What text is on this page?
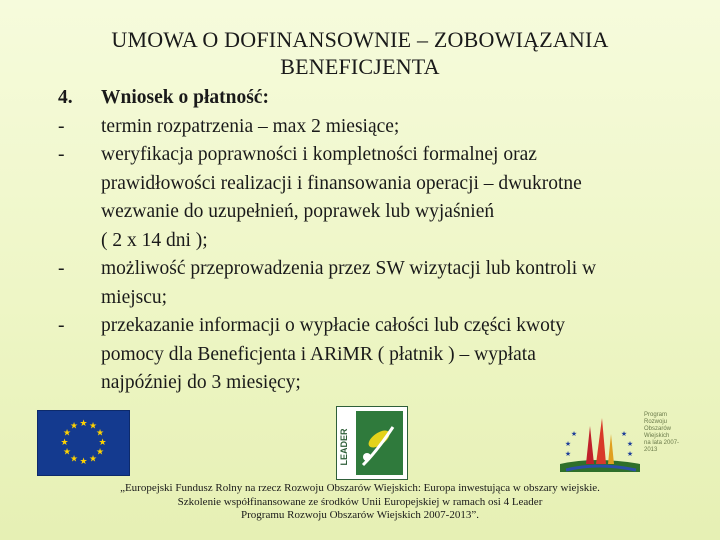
UMOWA O DOFINANSOWNIE – ZOBOWIĄZANIA
BENEFICJENTA
4.	Wniosek o płatność:
-	termin rozpatrzenia – max 2 miesiące;
-	weryfikacja poprawności i kompletności formalnej oraz
prawidłowości realizacji i finansowania operacji – dwukrotne
wezwanie do uzupełnień, poprawek lub wyjaśnień
( 2 x 14 dni );
-	możliwość przeprowadzenia przez SW wizytacji lub kontroli w
miejscu;
-	przekazanie informacji o wypłacie całości lub części kwoty
pomocy dla Beneficjenta i ARiMR ( płatnik ) – wypłata
najpóźniej do 3 miesięcy;
★ ★
★
★
★
★
★
★
★
★
★
★
LEADER	★
★
★
★
★
★
Program
Rozwoju
Obszarów
Wiejskich
na lata 2007-2013
„Europejski Fundusz Rolny na rzecz Rozwoju Obszarów Wiejskich: Europa inwestująca w obszary wiejskie.
Szkolenie współfinansowane ze środków Unii Europejskiej w ramach osi 4 Leader
Programu Rozwoju Obszarów Wiejskich 2007-2013”.
